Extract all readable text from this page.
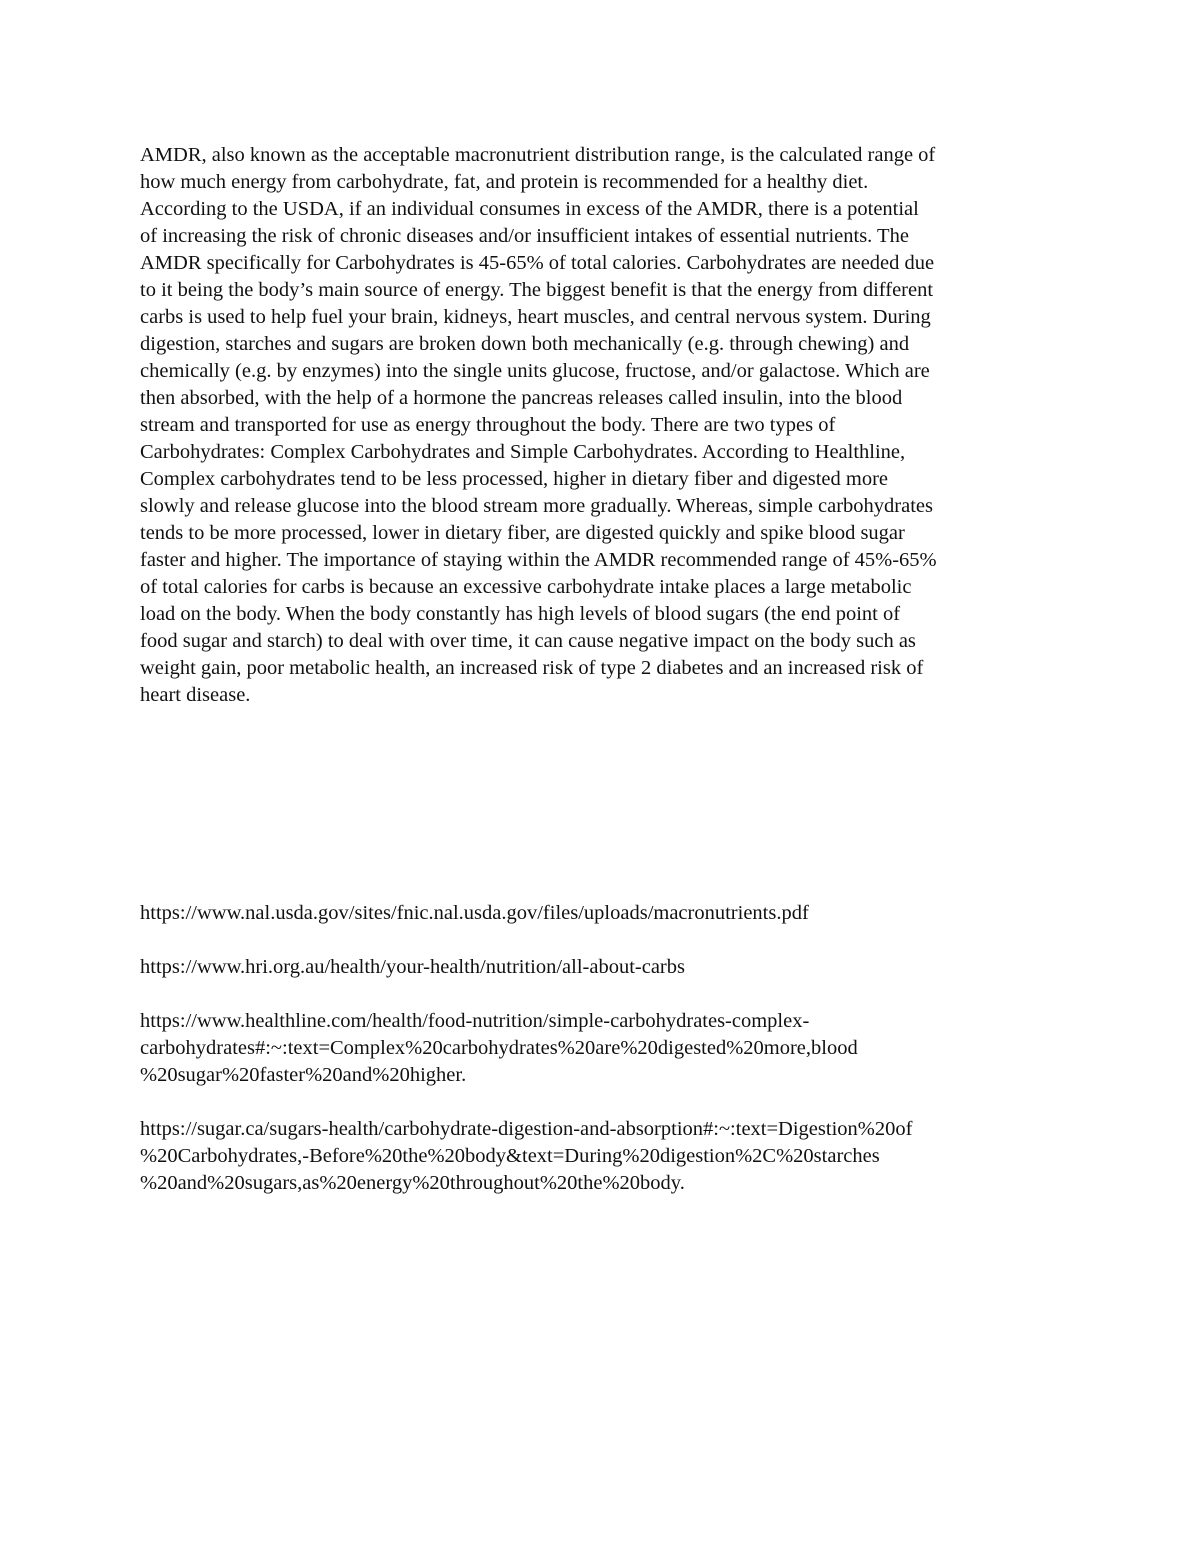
AMDR, also known as the acceptable macronutrient distribution range, is the calculated range of
how much energy from carbohydrate, fat, and protein is recommended for a healthy diet.
According to the USDA, if an individual consumes in excess of the AMDR, there is a potential
of increasing the risk of chronic diseases and/or insufficient intakes of essential nutrients. The
AMDR specifically for Carbohydrates is 45-65% of total calories. Carbohydrates are needed due
to it being the body’s main source of energy. The biggest benefit is that the energy from different
carbs is used to help fuel your brain, kidneys, heart muscles, and central nervous system. During
digestion, starches and sugars are broken down both mechanically (e.g. through chewing) and
chemically (e.g. by enzymes) into the single units glucose, fructose, and/or galactose. Which are
then absorbed, with the help of a hormone the pancreas releases called insulin, into the blood
stream and transported for use as energy throughout the body. There are two types of
Carbohydrates: Complex Carbohydrates and Simple Carbohydrates. According to Healthline,
Complex carbohydrates tend to be less processed, higher in dietary fiber and digested more
slowly and release glucose into the blood stream more gradually. Whereas, simple carbohydrates
tends to be more processed, lower in dietary fiber, are digested quickly and spike blood sugar
faster and higher. The importance of staying within the AMDR recommended range of 45%-65%
of total calories for carbs is because an excessive carbohydrate intake places a large metabolic
load on the body. When the body constantly has high levels of blood sugars (the end point of
food sugar and starch) to deal with over time, it can cause negative impact on the body such as
weight gain, poor metabolic health, an increased risk of type 2 diabetes and an increased risk of
heart disease.
https://www.nal.usda.gov/sites/fnic.nal.usda.gov/files/uploads/macronutrients.pdf
https://www.hri.org.au/health/your-health/nutrition/all-about-carbs
https://www.healthline.com/health/food-nutrition/simple-carbohydrates-complex-
carbohydrates#:~:text=Complex%20carbohydrates%20are%20digested%20more,blood
%20sugar%20faster%20and%20higher.
https://sugar.ca/sugars-health/carbohydrate-digestion-and-absorption#:~:text=Digestion%20of
%20Carbohydrates,-Before%20the%20body&text=During%20digestion%2C%20starches
%20and%20sugars,as%20energy%20throughout%20the%20body.
